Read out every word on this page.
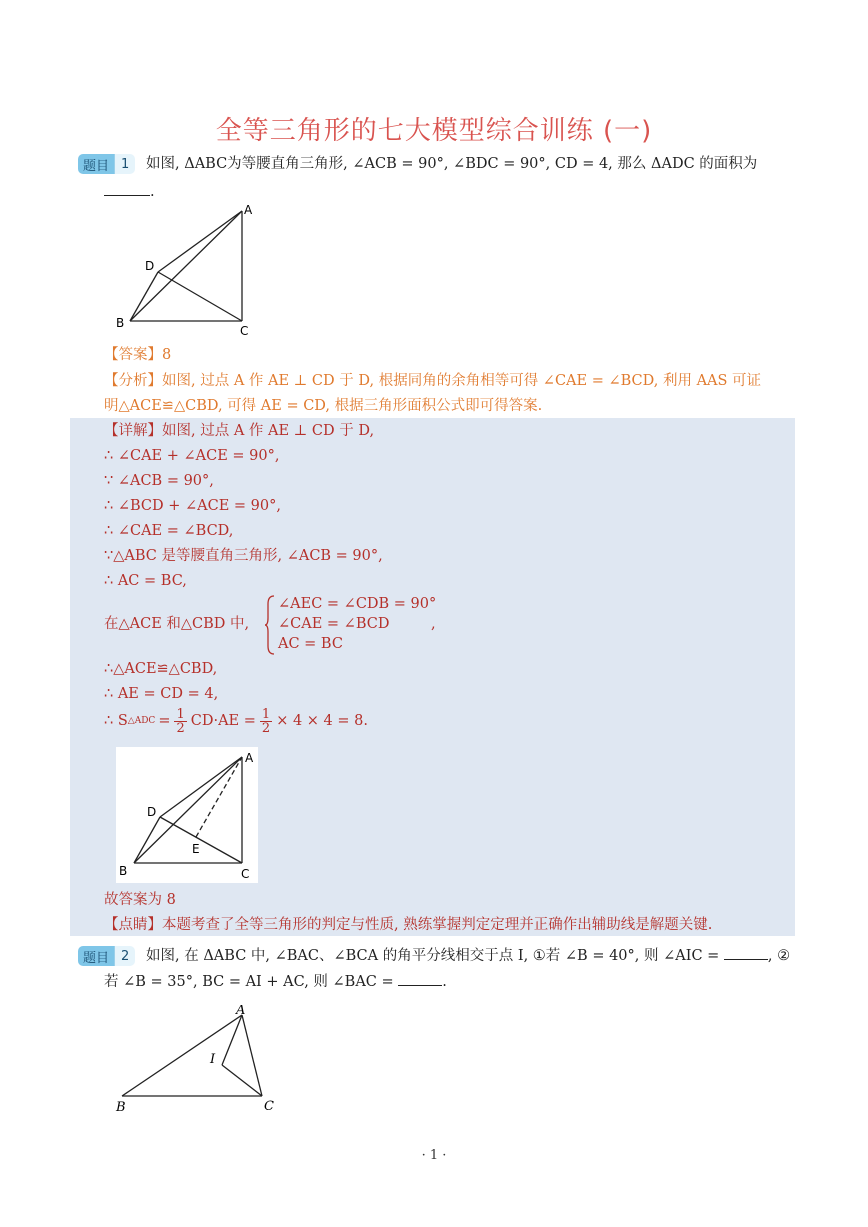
全等三角形的七大模型综合训练 (一)
题目 1	如图, ΔABC为等腰直角三角形, ∠ACB = 90°, ∠BDC = 90°, CD = 4, 那么 ΔADC 的面积为
.
A
B
C
D
【答案】8
【分析】如图, 过点 A 作 AE ⊥ CD 于 D, 根据同角的余角相等可得 ∠CAE = ∠BCD, 利用 AAS 可证
明△ACE≌△CBD, 可得 AE = CD, 根据三角形面积公式即可得答案.
【详解】如图, 过点 A 作 AE ⊥ CD 于 D,
∴ ∠CAE + ∠ACE = 90°,
∵ ∠ACB = 90°,
∴ ∠BCD + ∠ACE = 90°,
∴ ∠CAE = ∠BCD,
∵△ABC 是等腰直角三角形, ∠ACB = 90°,
∴ AC = BC,
在△ACE 和△CBD 中,
∠AEC = ∠CDB = 90°
∠CAE = ∠BCD
AC = BC
,
∴△ACE≌△CBD,
∴ AE = CD = 4,
∴ S △ADC = $\frac{1}{2} CD\cdot AE = \frac{1}{2} \times 4 \times 4 = 8$.
A
B	C
D
E
故答案为 8
【点睛】本题考查了全等三角形的判定与性质, 熟练掌握判定定理并正确作出辅助线是解题关键.
题目 2	如图, 在 ΔABC 中, ∠BAC、∠BCA 的角平分线相交于点 I, ①若 ∠B = 40°, 则 ∠AIC =	, ②
若 ∠B = 35°, BC = AI + AC, 则 ∠BAC =	.
A
B	C
I
· 1 ·
